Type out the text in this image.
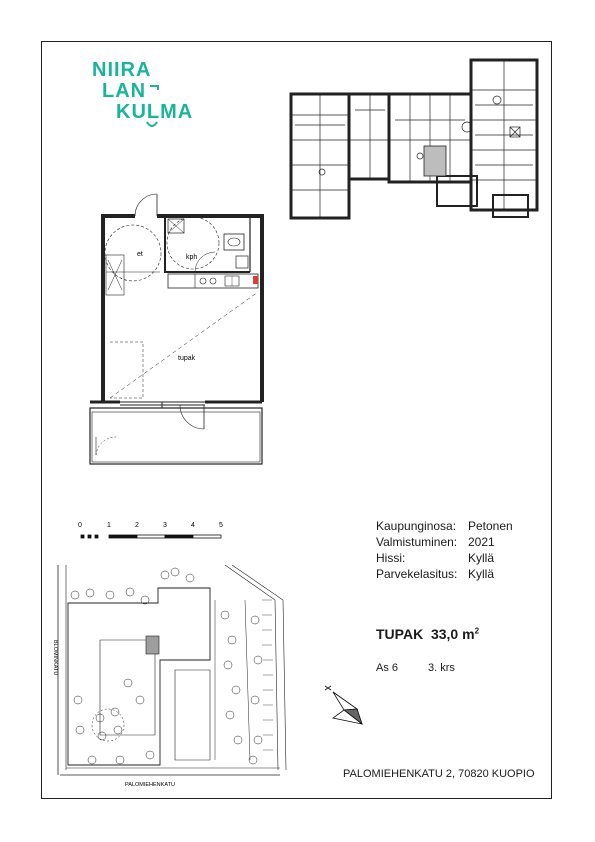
NIIRA
LAN
KULMA
et	kph
tupak
0	1	2	3	4	5
BLOMINKATU
PALOMIEHENKATU
Kaupunginosa: Petonen
Valmistuminen: 2021
Hissi:	Kyllä
Parvekelasitus: Kyllä
TUPAK 33,0 $m^2$
As 6	3. krs
PALOMIEHENKATU 2, 70820 KUOPIO
